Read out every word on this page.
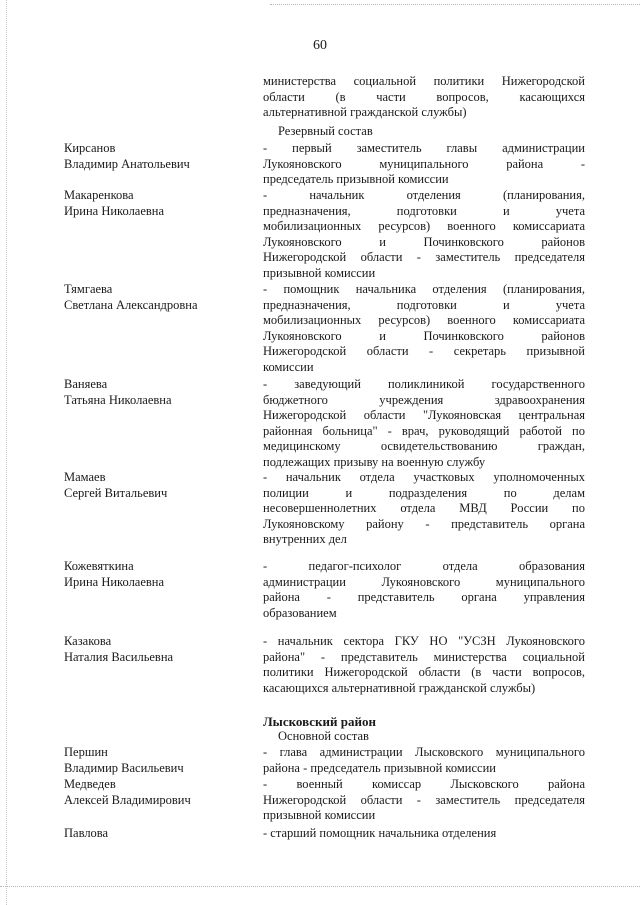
60
министерства социальной политики Нижегородской
области (в части вопросов, касающихся
альтернативной гражданской службы)
Резервный состав
Кирсанов
Владимир Анатольевич
- первый заместитель главы администрации
Лукояновского муниципального района -
председатель призывной комиссии
Макаренкова
Ирина Николаевна
- начальник отделения (планирования,
предназначения, подготовки и учета
мобилизационных ресурсов) военного комиссариата
Лукояновского и Починковского районов
Нижегородской области - заместитель председателя
призывной комиссии
Тямгаева
Светлана Александровна
- помощник начальника отделения (планирования,
предназначения, подготовки и учета
мобилизационных ресурсов) военного комиссариата
Лукояновского и Починковского районов
Нижегородской области - секретарь призывной
комиссии
Ваняева
Татьяна Николаевна
- заведующий поликлиникой государственного
бюджетного учреждения здравоохранения
Нижегородской области "Лукояновская центральная
районная больница" - врач, руководящий работой по
медицинскому освидетельствованию граждан,
подлежащих призыву на военную службу
Мамаев
Сергей Витальевич
- начальник отдела участковых уполномоченных
полиции и подразделения по делам
несовершеннолетних отдела МВД России по
Лукояновскому району - представитель органа
внутренних дел
Кожевяткина
Ирина Николаевна
- педагог-психолог отдела образования
администрации Лукояновского муниципального
района - представитель органа управления
образованием
Казакова
Наталия Васильевна
- начальник сектора ГКУ НО "УСЗН Лукояновского
района" - представитель министерства социальной
политики Нижегородской области (в части вопросов,
касающихся альтернативной гражданской службы)
Лысковский район
Основной состав
Першин
Владимир Васильевич
- глава администрации Лысковского муниципального
района - председатель призывной комиссии
Медведев
Алексей Владимирович
- военный комиссар Лысковского района
Нижегородской области - заместитель председателя
призывной комиссии
Павлова	- старший помощник начальника отделения
